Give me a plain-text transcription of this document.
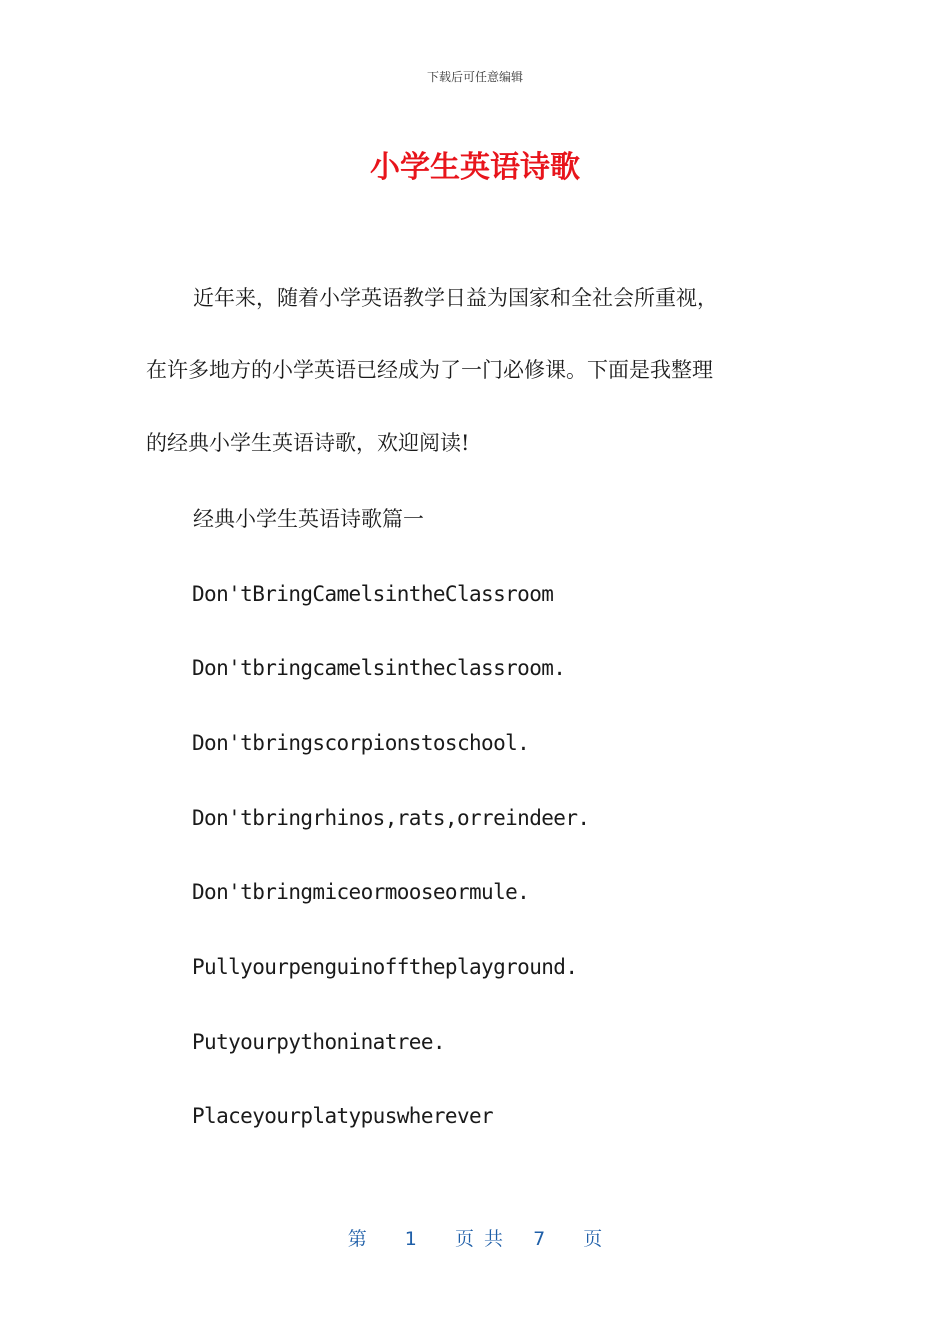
下载后可任意编辑
小学生英语诗歌
近年来，随着小学英语教学日益为国家和全社会所重视，
在许多地方的小学英语已经成为了一门必修课。下面是我整理
的经典小学生英语诗歌，欢迎阅读!
经典小学生英语诗歌篇一
Don'tBringCamelsintheClassroom
Don'tbringcamelsintheclassroom.
Don'tbringscorpionstoschool.
Don'tbringrhinos,rats,orreindeer.
Don'tbringmiceormooseormule.
Pullyourpenguinofftheplayground.
Putyourpythoninatree.
Placeyourplatypuswherever
第 1 页共 7 页
